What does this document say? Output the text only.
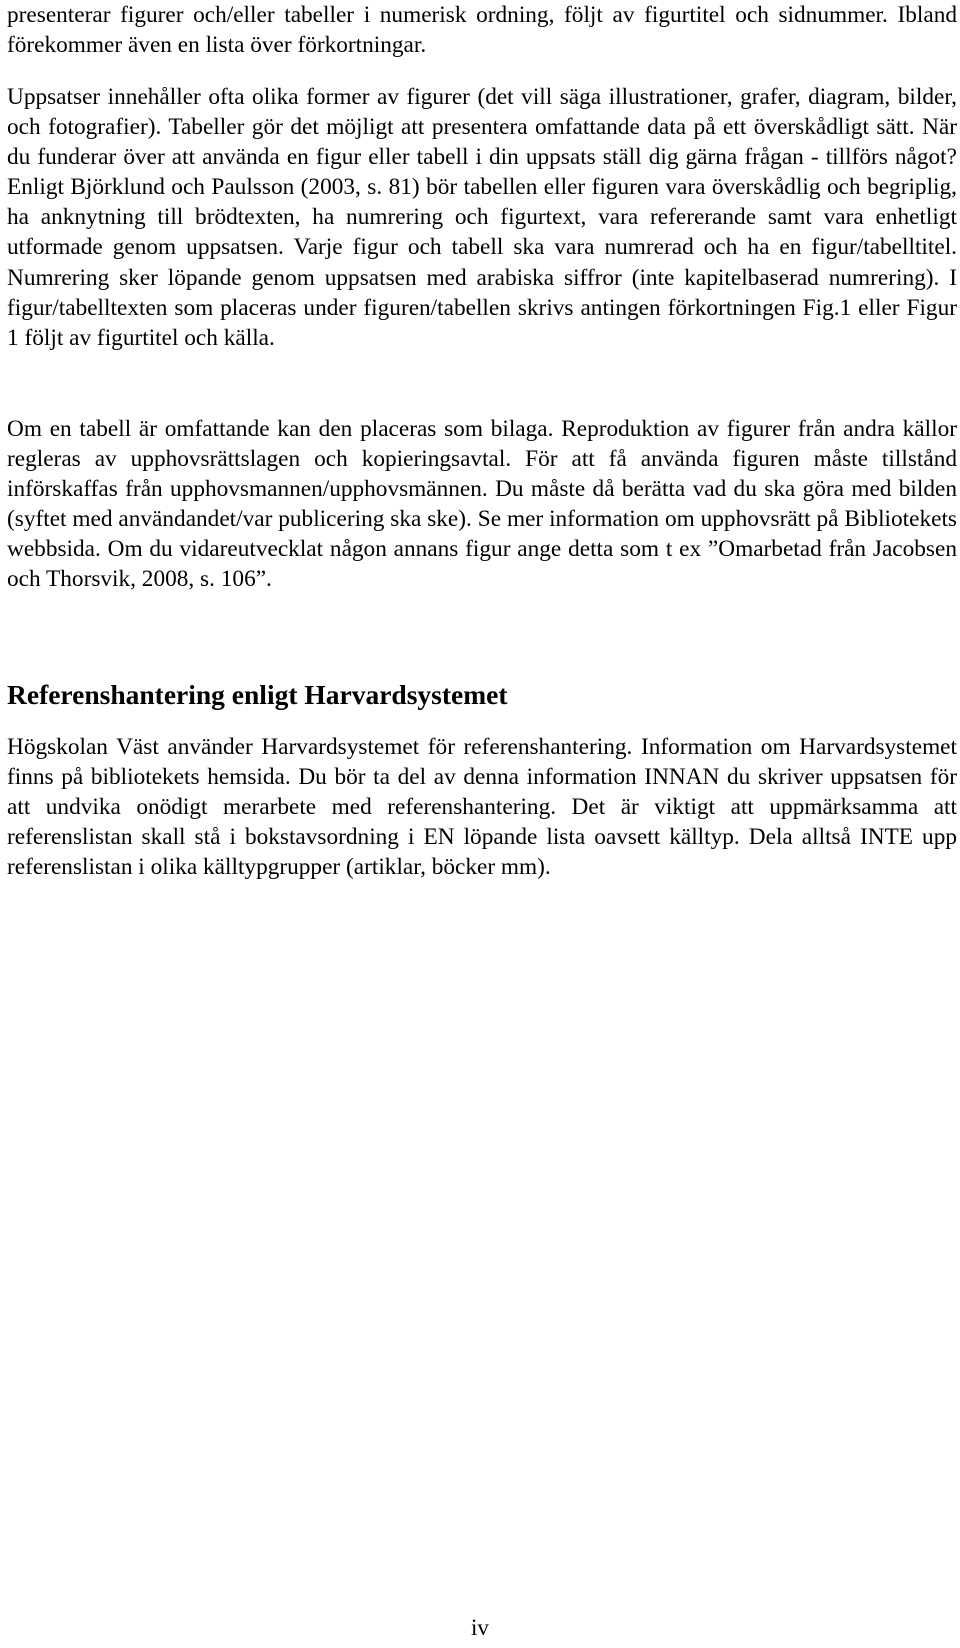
presenterar figurer och/eller tabeller i numerisk ordning, följt av figurtitel och sidnummer. Ibland förekommer även en lista över förkortningar.

Uppsatser innehåller ofta olika former av figurer (det vill säga illustrationer, grafer, diagram, bilder, och fotografier). Tabeller gör det möjligt att presentera omfattande data på ett överskådligt sätt. När du funderar över att använda en figur eller tabell i din uppsats ställ dig gärna frågan - tillförs något? Enligt Björklund och Paulsson (2003, s. 81) bör tabellen eller figuren vara överskådlig och begriplig, ha anknytning till brödtexten, ha numrering och figurtext, vara refererande samt vara enhetligt utformade genom uppsatsen. Varje figur och tabell ska vara numrerad och ha en figur/tabelltitel. Numrering sker löpande genom uppsatsen med arabiska siffror (inte kapitelbaserad numrering). I figur/tabelltexten som placeras under figuren/tabellen skrivs antingen förkortningen Fig.1 eller Figur 1 följt av figurtitel och källa.

Om en tabell är omfattande kan den placeras som bilaga. Reproduktion av figurer från andra källor regleras av upphovsrättslagen och kopieringsavtal. För att få använda figuren måste tillstånd införskaffas från upphovsmannen/upphovsmännen. Du måste då berätta vad du ska göra med bilden (syftet med användandet/var publicering ska ske). Se mer information om upphovsrätt på Bibliotekets webbsida. Om du vidareutvecklat någon annans figur ange detta som t ex ”Omarbetad från Jacobsen och Thorsvik, 2008, s. 106”.

Referenshantering enligt Harvardsystemet

Högskolan Väst använder Harvardsystemet för referenshantering. Information om Harvardsystemet finns på bibliotekets hemsida. Du bör ta del av denna information INNAN du skriver uppsatsen för att undvika onödigt merarbete med referenshantering. Det är viktigt att uppmärksamma att referenslistan skall stå i bokstavsordning i EN löpande lista oavsett källtyp. Dela alltså INTE upp referenslistan i olika källtypgrupper (artiklar, böcker mm).

iv
